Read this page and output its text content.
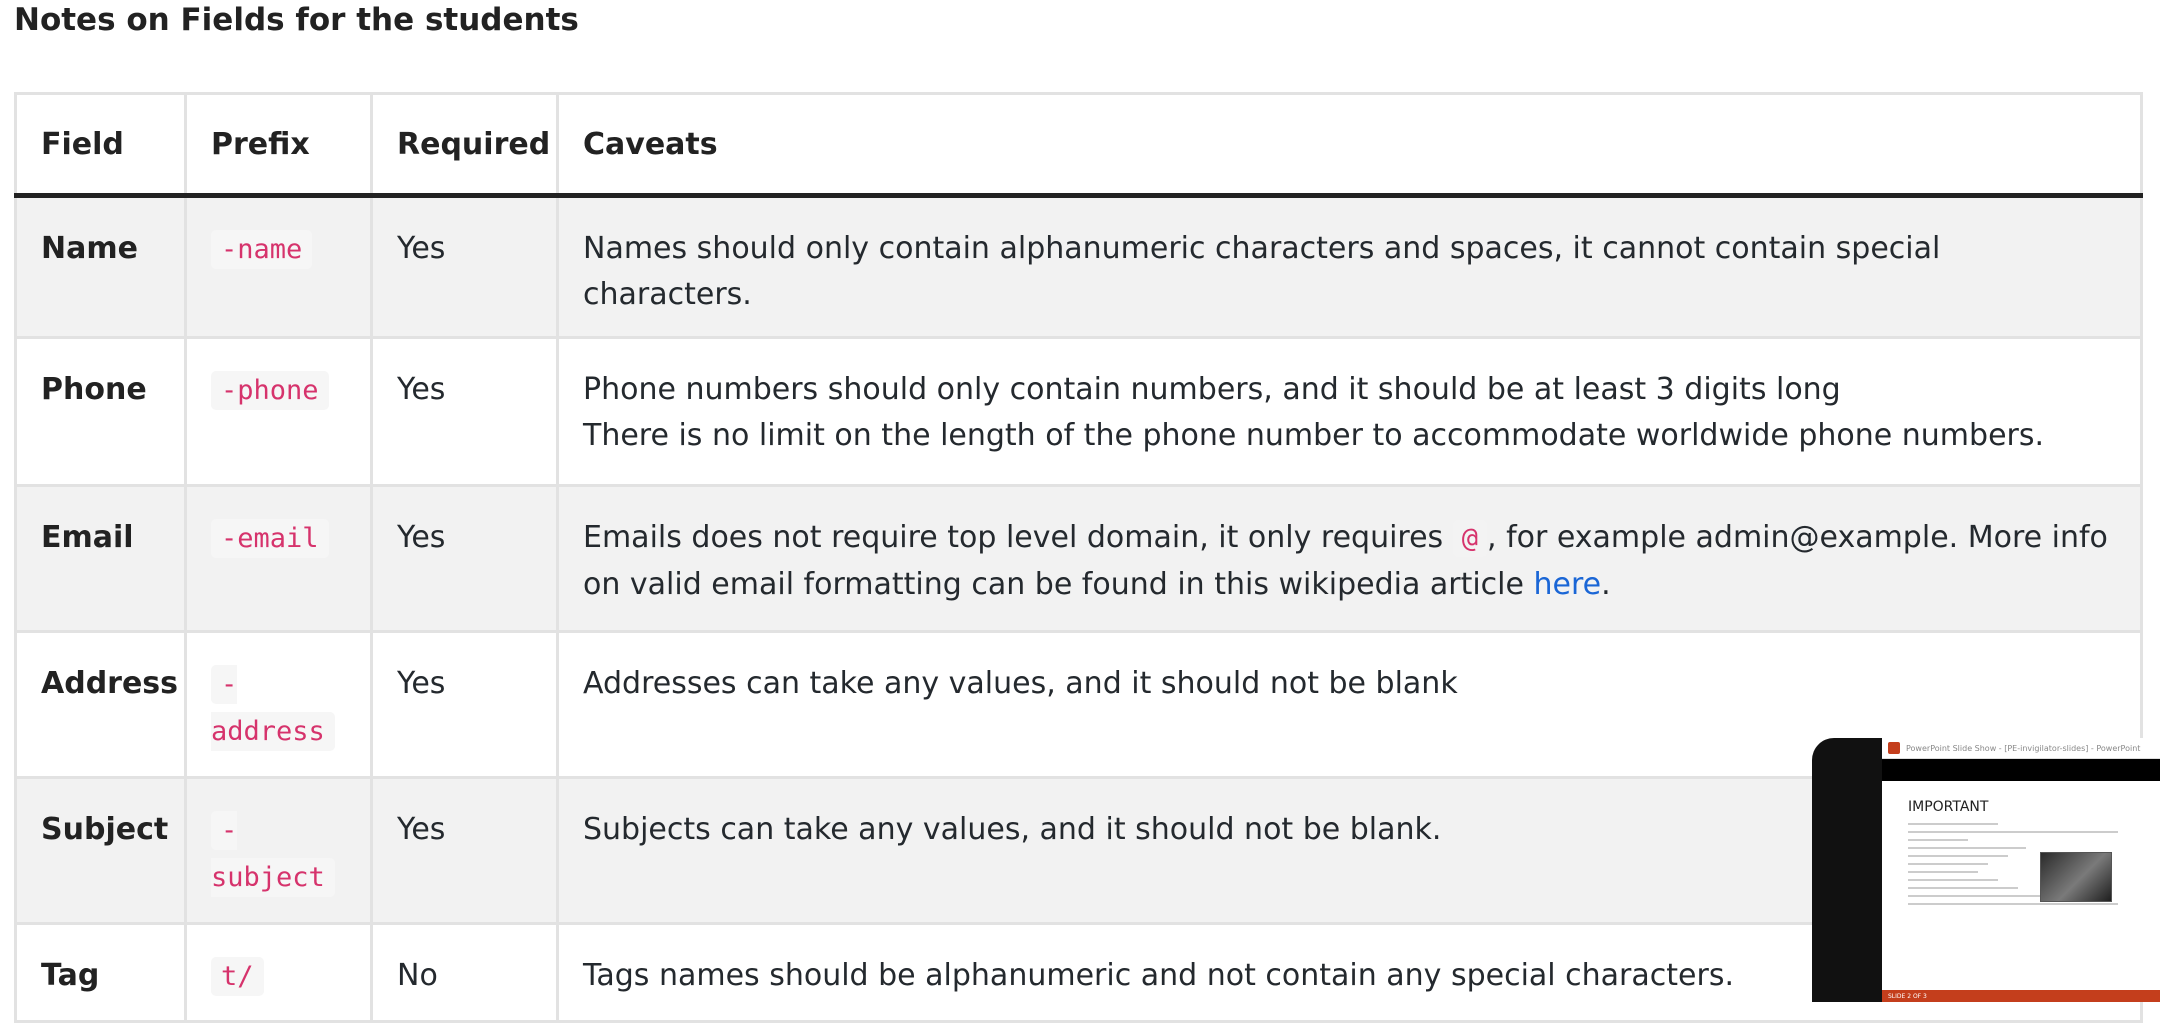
Notes on Fields for the students
Field	Prefix	Required	Caveats
Name	-name	Yes	Names should only contain alphanumeric characters and spaces, it cannot contain special characters.

Phone	-phone	Yes	Phone numbers should only contain numbers, and it should be at least 3 digits long
There is no limit on the length of the phone number to accommodate worldwide phone numbers.

Email	-email	Yes	Emails does not require top level domain, it only requires @ , for example admin@example. More info on valid email formatting can be found in this wikipedia article here.
Address	-address	Yes	Addresses can take any values, and it should not be blank

Subject	-subject	Yes	Subjects can take any values, and it should not be blank.

Tag	t/	No	Tags names should be alphanumeric and not contain any special characters.
PowerPoint Slide Show - [PE-invigilator-slides] - PowerPoint
IMPORTANT
SLIDE 2 OF 3
